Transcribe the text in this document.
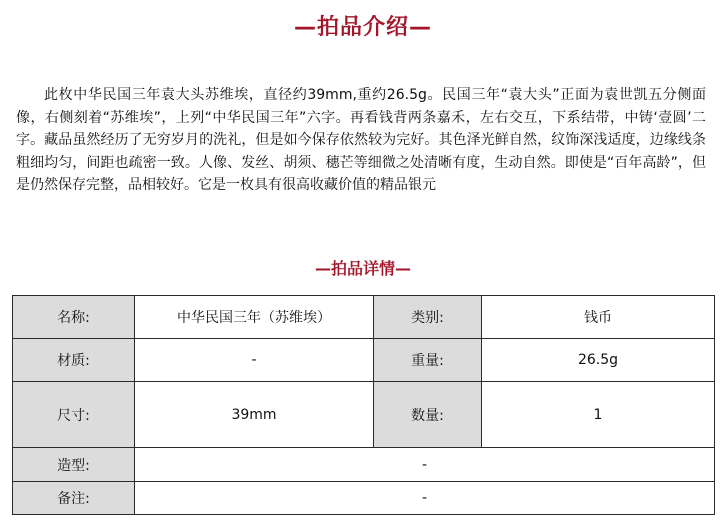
—拍品介绍—

此枚中华民国三年袁大头苏维埃，直径约39mm,重约26.5g。民国三年“袁大头”正面为袁世凯五分侧面像，右侧刻着“苏维埃”，上列“中华民国三年”六字。再看钱背两条嘉禾，左右交互，下系结带，中铸‘壹圆’二字。藏品虽然经历了无穷岁月的洗礼，但是如今保存依然较为完好。其色泽光鲜自然，纹饰深浅适度，边缘线条粗细均匀，间距也疏密一致。人像、发丝、胡须、穗芒等细微之处清晰有度，生动自然。即使是“百年高龄”，但是仍然保存完整，品相较好。它是一枚具有很高收藏价值的精品银元

—拍品详情—
名称:	中华民国三年（苏维埃）	类别:	钱币
材质:	-	重量:	26.5g
尺寸:	39mm	数量:	1
造型:	-		
备注:	-		
